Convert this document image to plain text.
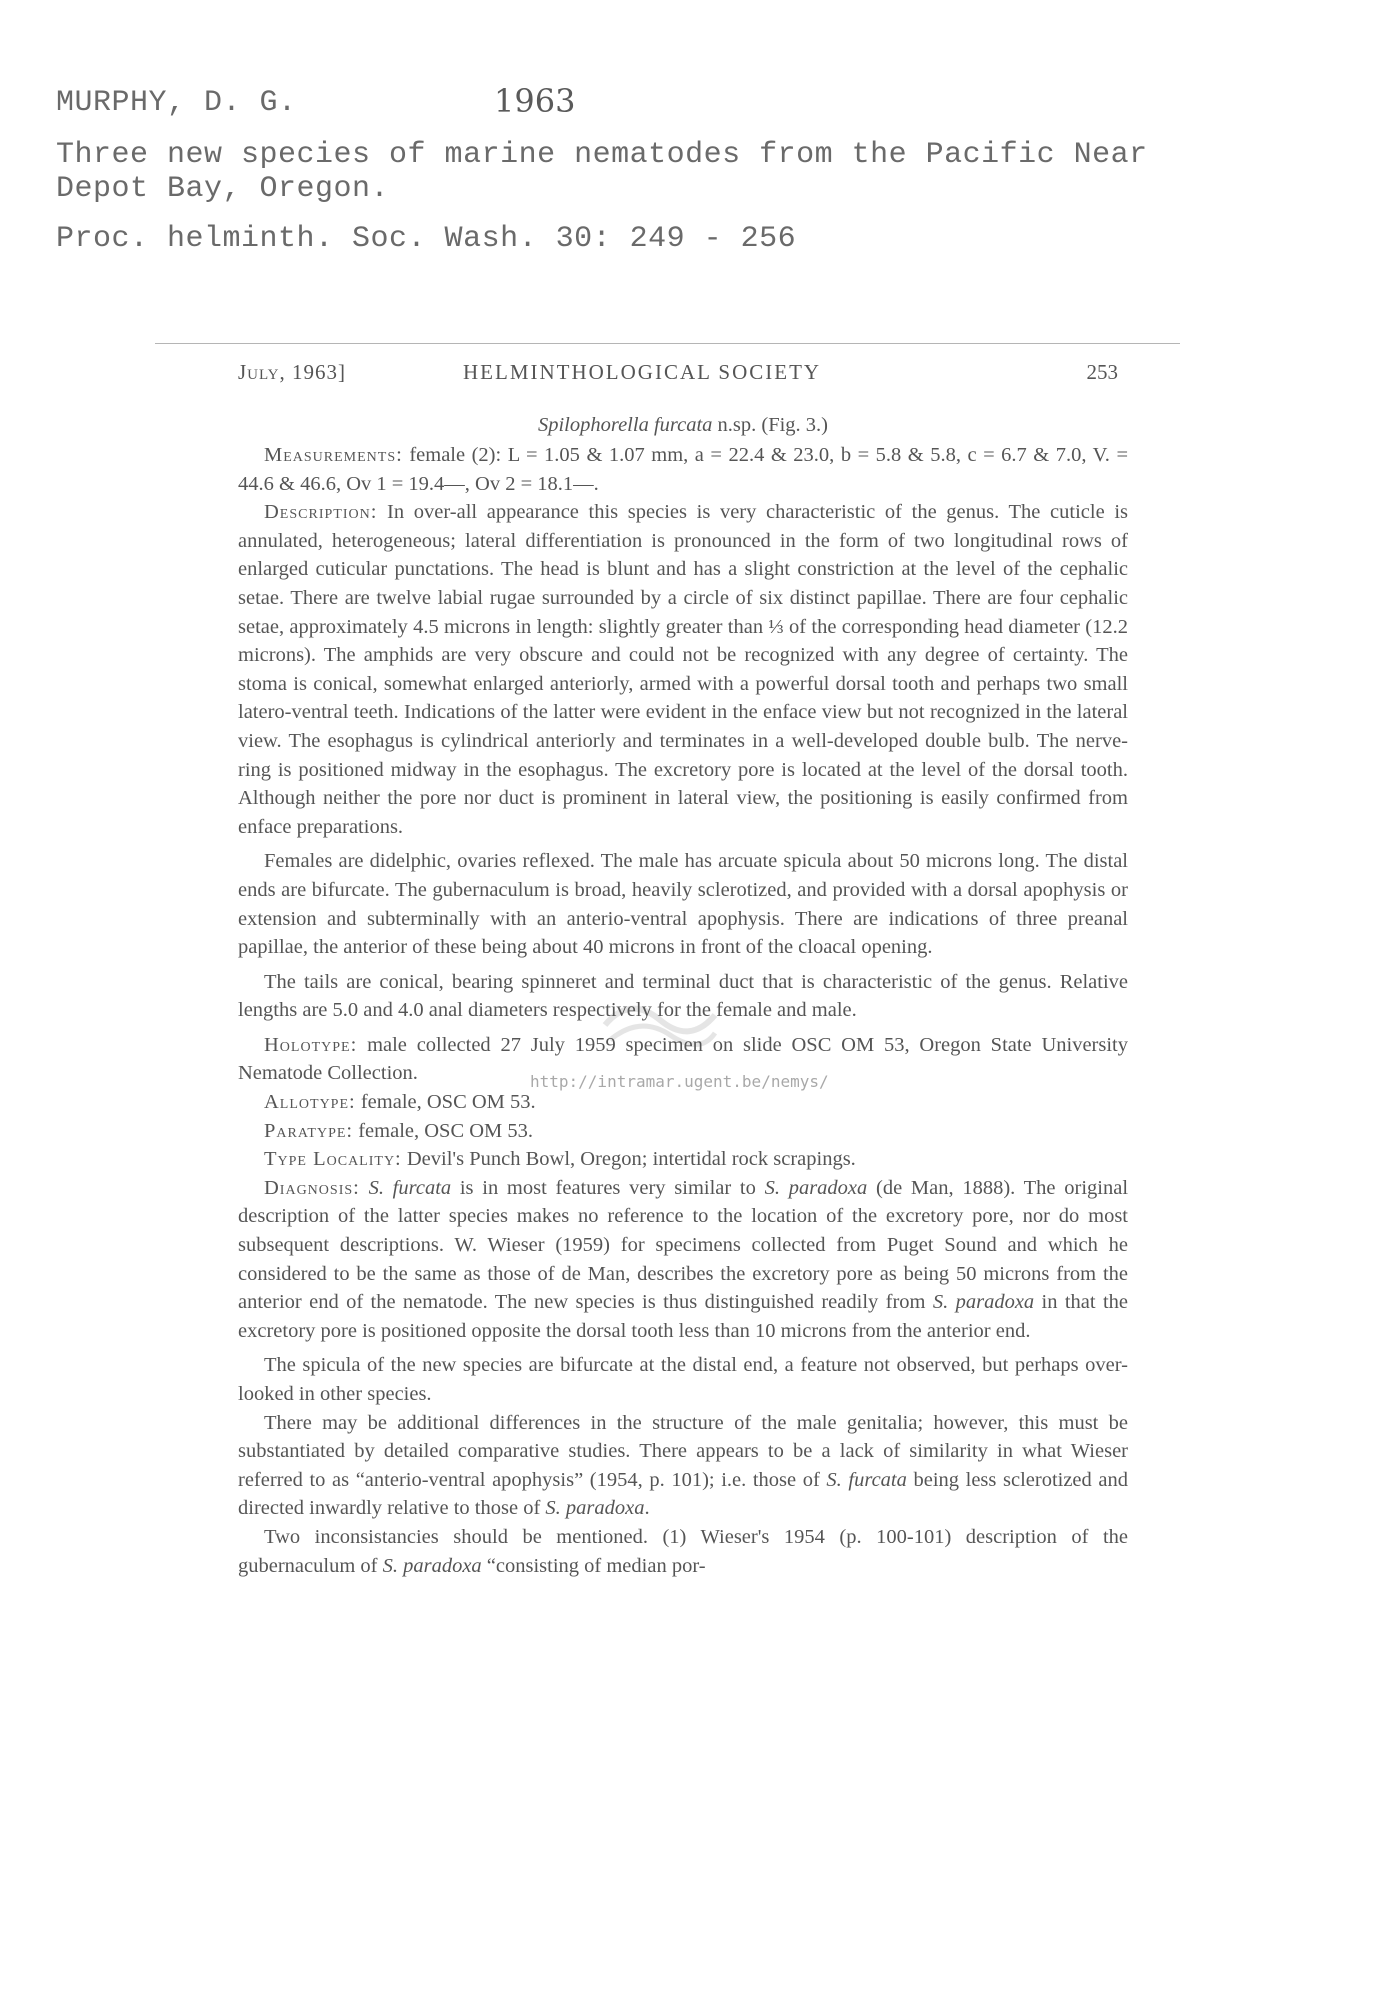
MURPHY, D. G.	1963
Three new species of marine nematodes from the Pacific Near
Depot Bay, Oregon.
Proc. helminth. Soc. Wash. 30: 249 - 256
July, 1963]	HELMINTHOLOGICAL SOCIETY	253
Spilophorella furcata n.sp. (Fig. 3.)

Measurements: female (2): L = 1.05 & 1.07 mm, a = 22.4 & 23.0, b = 5.8 & 5.8, c = 6.7 & 7.0, V. = 44.6 & 46.6, Ov 1 = 19.4—, Ov 2 = 18.1—.

Description: In over-all appearance this species is very characteristic of the genus. The cuticle is annulated, heterogeneous; lateral differentiation is pronounced in the form of two longitudinal rows of enlarged cuticular punctations. The head is blunt and has a slight constriction at the level of the cephalic setae. There are twelve labial rugae surrounded by a circle of six distinct papillae. There are four cephalic setae, approximately 4.5 microns in length: slightly greater than ⅓ of the corresponding head diameter (12.2 microns). The amphids are very obscure and could not be recognized with any degree of certainty. The stoma is conical, somewhat enlarged anteriorly, armed with a powerful dorsal tooth and perhaps two small latero-ventral teeth. Indications of the latter were evident in the enface view but not recognized in the lateral view. The esophagus is cylindrical anteriorly and terminates in a well-developed double bulb. The nerve-ring is positioned midway in the esophagus. The excretory pore is located at the level of the dorsal tooth. Although neither the pore nor duct is prominent in lateral view, the positioning is easily confirmed from enface preparations.

Females are didelphic, ovaries reflexed. The male has arcuate spicula about 50 microns long. The distal ends are bifurcate. The gubernaculum is broad, heavily sclerotized, and provided with a dorsal apophysis or extension and subterminally with an anterio-ventral apophysis. There are indications of three preanal papillae, the anterior of these being about 40 microns in front of the cloacal opening.

The tails are conical, bearing spinneret and terminal duct that is characteristic of the genus. Relative lengths are 5.0 and 4.0 anal diameters respectively for the female and male.

Holotype: male collected 27 July 1959 specimen on slide OSC OM 53, Oregon State University Nematode Collection.

Allotype: female, OSC OM 53.

Paratype: female, OSC OM 53.

Type Locality: Devil's Punch Bowl, Oregon; intertidal rock scrapings.

Diagnosis: S. furcata is in most features very similar to S. paradoxa (de Man, 1888). The original description of the latter species makes no reference to the location of the excretory pore, nor do most subsequent descriptions. W. Wieser (1959) for specimens collected from Puget Sound and which he considered to be the same as those of de Man, describes the excretory pore as being 50 microns from the anterior end of the nematode. The new species is thus distinguished readily from S. paradoxa in that the excretory pore is positioned opposite the dorsal tooth less than 10 microns from the anterior end.

The spicula of the new species are bifurcate at the distal end, a feature not observed, but perhaps over-looked in other species.

There may be additional differences in the structure of the male genitalia; however, this must be substantiated by detailed comparative studies. There appears to be a lack of similarity in what Wieser referred to as “anterio-ventral apophysis” (1954, p. 101); i.e. those of S. furcata being less sclerotized and directed inwardly relative to those of S. paradoxa.

Two inconsistancies should be mentioned. (1) Wieser's 1954 (p. 100-101) description of the gubernaculum of S. paradoxa “consisting of median por-

http://intramar.ugent.be/nemys/
